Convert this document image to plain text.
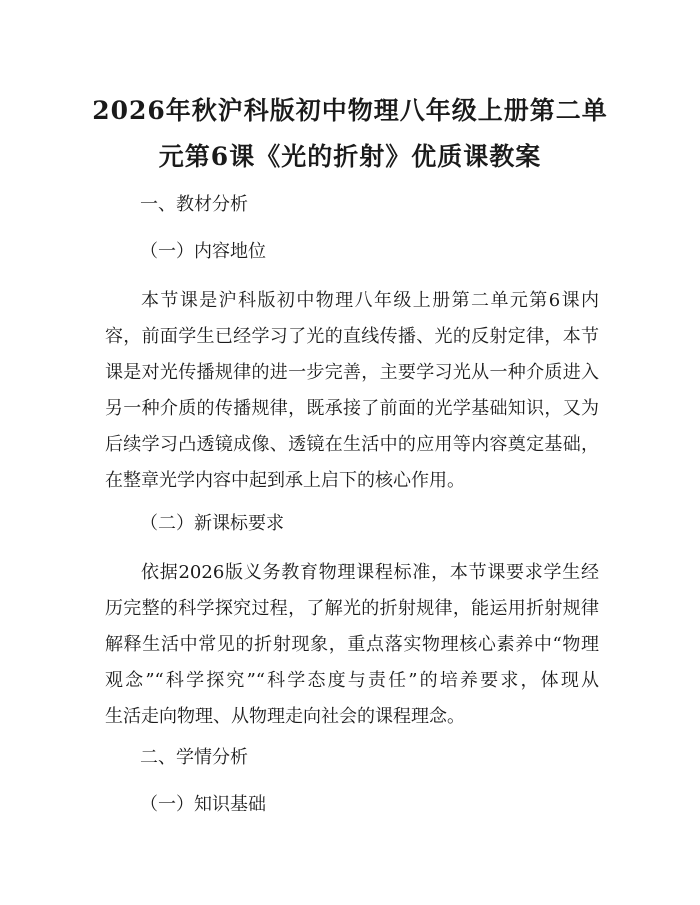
2026年秋沪科版初中物理八年级上册第二单
元第6课《光的折射》优质课教案
一、教材分析
（一）内容地位
本节课是沪科版初中物理八年级上册第二单元第6课内
容，前面学生已经学习了光的直线传播、光的反射定律，本节
课是对光传播规律的进一步完善，主要学习光从一种介质进入
另一种介质的传播规律，既承接了前面的光学基础知识，又为
后续学习凸透镜成像、透镜在生活中的应用等内容奠定基础，
在整章光学内容中起到承上启下的核心作用。
（二）新课标要求
依据2026版义务教育物理课程标准，本节课要求学生经
历完整的科学探究过程，了解光的折射规律，能运用折射规律
解释生活中常见的折射现象，重点落实物理核心素养中“物理
观念”“科学探究”“科学态度与责任”的培养要求，体现从
生活走向物理、从物理走向社会的课程理念。
二、学情分析
（一）知识基础
